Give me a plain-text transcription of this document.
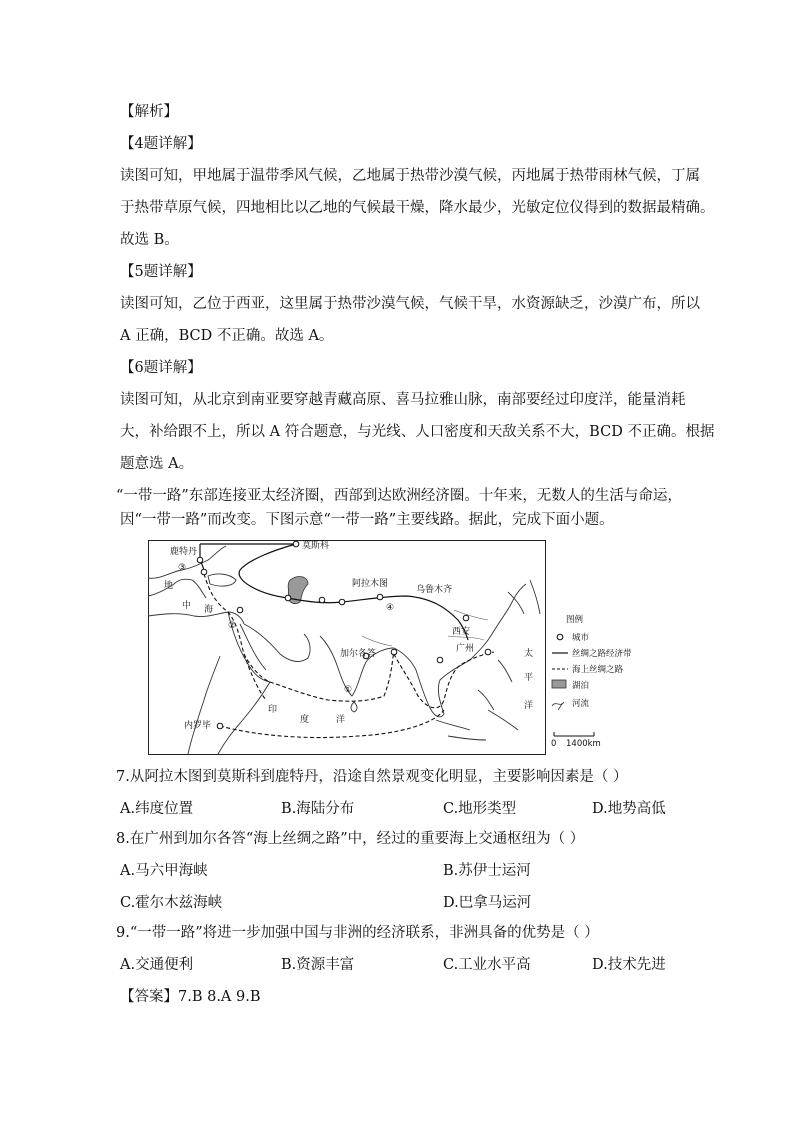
【解析】
【4题详解】
读图可知，甲地属于温带季风气候，乙地属于热带沙漠气候，丙地属于热带雨林气候，丁属
于热带草原气候，四地相比以乙地的气候最干燥，降水最少，光敏定位仪得到的数据最精确。
故选 B。
【5题详解】
读图可知，乙位于西亚，这里属于热带沙漠气候，气候干旱，水资源缺乏，沙漠广布，所以
A 正确，BCD 不正确。故选 A。
【6题详解】
读图可知，从北京到南亚要穿越青藏高原、喜马拉雅山脉，南部要经过印度洋，能量消耗
大，补给跟不上，所以 A 符合题意，与光线、人口密度和天敌关系不大，BCD 不正确。根据
题意选 A。
“一带一路”东部连接亚太经济圈，西部到达欧洲经济圈。十年来，无数人的生活与命运，
因“一带一路”而改变。下图示意“一带一路”主要线路。据此，完成下面小题。
鹿特丹
莫斯科
阿拉木图
乌鲁木齐
西安
广州
加尔各答
内罗毕
地
中 海
印
度	洋
太
平
洋
①
②
③
④
图例
城市
丝绸之路经济带
海上丝绸之路
湖泊
河流
0 1400km
7.从阿拉木图到莫斯科到鹿特丹，沿途自然景观变化明显，主要影响因素是（ ）
A.纬度位置	B.海陆分布	C.地形类型	D.地势高低
8.在广州到加尔各答“海上丝绸之路”中，经过的重要海上交通枢纽为（ ）
A.马六甲海峡	B.苏伊士运河
C.霍尔木兹海峡	D.巴拿马运河
9.“一带一路”将进一步加强中国与非洲的经济联系，非洲具备的优势是（ ）
A.交通便利	B.资源丰富	C.工业水平高	D.技术先进
【答案】7.B 8.A 9.B
